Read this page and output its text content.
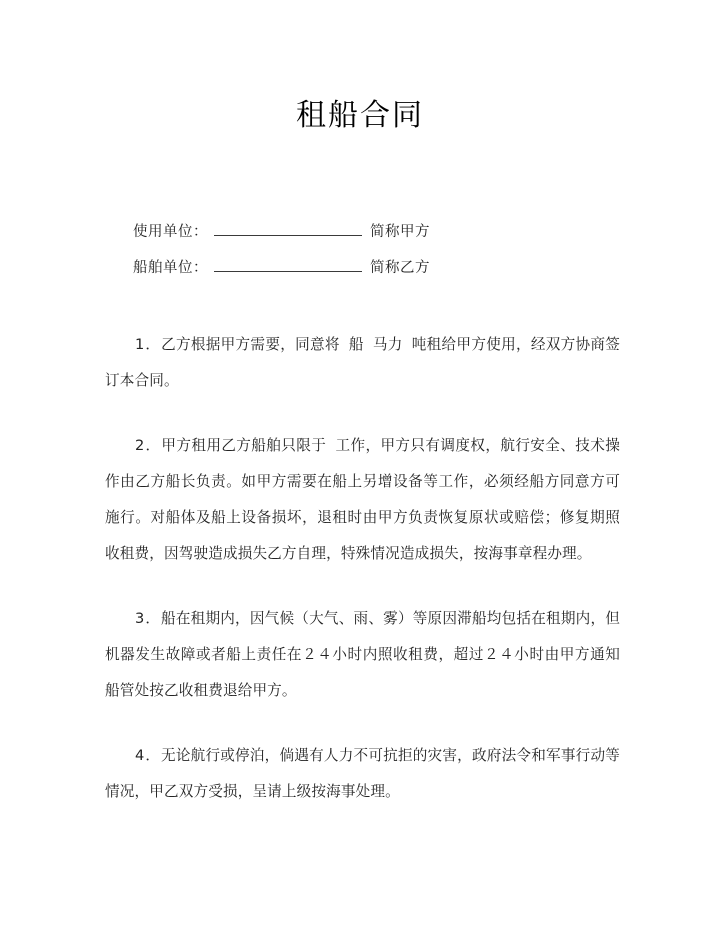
租船合同
使用单位：	简称甲方
船舶单位：	简称乙方

1．乙方根据甲方需要，同意将 船 马力 吨租给甲方使用，经双方协商签订本合同。

2．甲方租用乙方船舶只限于 工作，甲方只有调度权，航行安全、技术操作由乙方船长负责。如甲方需要在船上另增设备等工作，必须经船方同意方可施行。对船体及船上设备损坏，退租时由甲方负责恢复原状或赔偿；修复期照收租费，因驾驶造成损失乙方自理，特殊情况造成损失，按海事章程办理。

3．船在租期内，因气候（大气、雨、雾）等原因滞船均包括在租期内，但机器发生故障或者船上责任在２４小时内照收租费，超过２４小时由甲方通知船管处按乙收租费退给甲方。

4．无论航行或停泊，倘遇有人力不可抗拒的灾害，政府法令和军事行动等情况，甲乙双方受损，呈请上级按海事处理。
